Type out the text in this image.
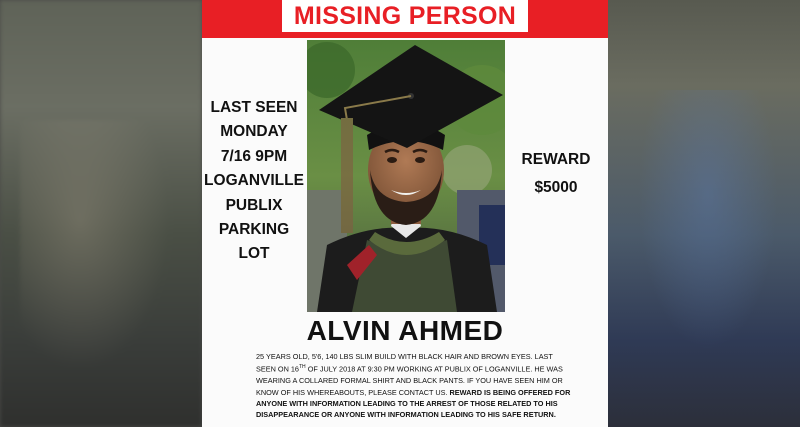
MISSING PERSON
LAST SEEN
MONDAY
7/16 9PM
LOGANVILLE
PUBLIX
PARKING
LOT
REWARD
$5000
ALVIN AHMED
25 YEARS OLD, 5'6, 140 LBS SLIM BUILD WITH BLACK HAIR AND BROWN EYES. LAST SEEN ON 16TH OF JULY 2018 AT 9:30 PM WORKING AT PUBLIX OF LOGANVILLE. HE WAS WEARING A COLLARED FORMAL SHIRT AND BLACK PANTS. IF YOU HAVE SEEN HIM OR KNOW OF HIS WHEREABOUTS, PLEASE CONTACT US. REWARD IS BEING OFFERED FOR ANYONE WITH INFORMATION LEADING TO THE ARREST OF THOSE RELATED TO HIS DISAPPEARANCE OR ANYONE WITH INFORMATION LEADING TO HIS SAFE RETURN.
